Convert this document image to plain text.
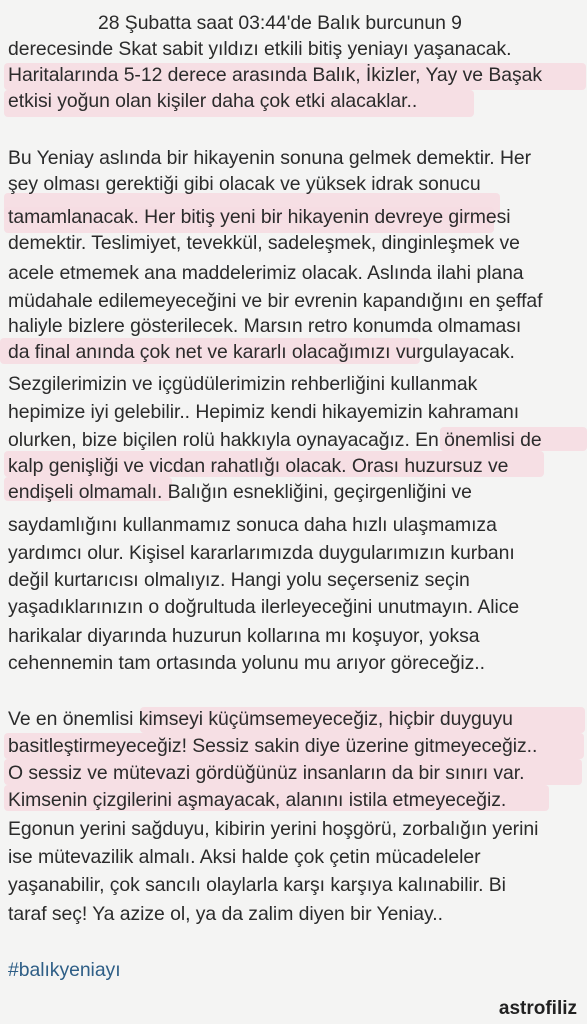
28 Şubatta saat 03:44'de Balık burcunun 9
derecesinde Skat sabit yıldızı etkili bitiş yeniayı yaşanacak.
Haritalarında 5-12 derece arasında Balık, İkizler, Yay ve Başak
etkisi yoğun olan kişiler daha çok etki alacaklar..
Bu Yeniay aslında bir hikayenin sonuna gelmek demektir. Her
şey olması gerektiği gibi olacak ve yüksek idrak sonucu
tamamlanacak. Her bitiş yeni bir hikayenin devreye girmesi
demektir. Teslimiyet, tevekkül, sadeleşmek, dinginleşmek ve
acele etmemek ana maddelerimiz olacak. Aslında ilahi plana
müdahale edilemeyeceğini ve bir evrenin kapandığını en şeffaf
haliyle bizlere gösterilecek. Marsın retro konumda olmaması
da final anında çok net ve kararlı olacağımızı vurgulayacak.
Sezgilerimizin ve içgüdülerimizin rehberliğini kullanmak
hepimize iyi gelebilir.. Hepimiz kendi hikayemizin kahramanı
olurken, bize biçilen rolü hakkıyla oynayacağız. En önemlisi de
kalp genişliği ve vicdan rahatlığı olacak. Orası huzursuz ve
endişeli olmamalı. Balığın esnekliğini, geçirgenliğini ve
saydamlığını kullanmamız sonuca daha hızlı ulaşmamıza
yardımcı olur. Kişisel kararlarımızda duygularımızın kurbanı
değil kurtarıcısı olmalıyız. Hangi yolu seçerseniz seçin
yaşadıklarınızın o doğrultuda ilerleyeceğini unutmayın. Alice
harikalar diyarında huzurun kollarına mı koşuyor, yoksa
cehennemin tam ortasında yolunu mu arıyor göreceğiz..
Ve en önemlisi kimseyi küçümsemeyeceğiz, hiçbir duyguyu
basitleştirmeyeceğiz! Sessiz sakin diye üzerine gitmeyeceğiz..
O sessiz ve mütevazi gördüğünüz insanların da bir sınırı var.
Kimsenin çizgilerini aşmayacak, alanını istila etmeyeceğiz.
Egonun yerini sağduyu, kibirin yerini hoşgörü, zorbalığın yerini
ise mütevazilik almalı. Aksi halde çok çetin mücadeleler
yaşanabilir, çok sancılı olaylarla karşı karşıya kalınabilir. Bi
taraf seç! Ya azize ol, ya da zalim diyen bir Yeniay..
#balıkyeniayı
astrofiliz
